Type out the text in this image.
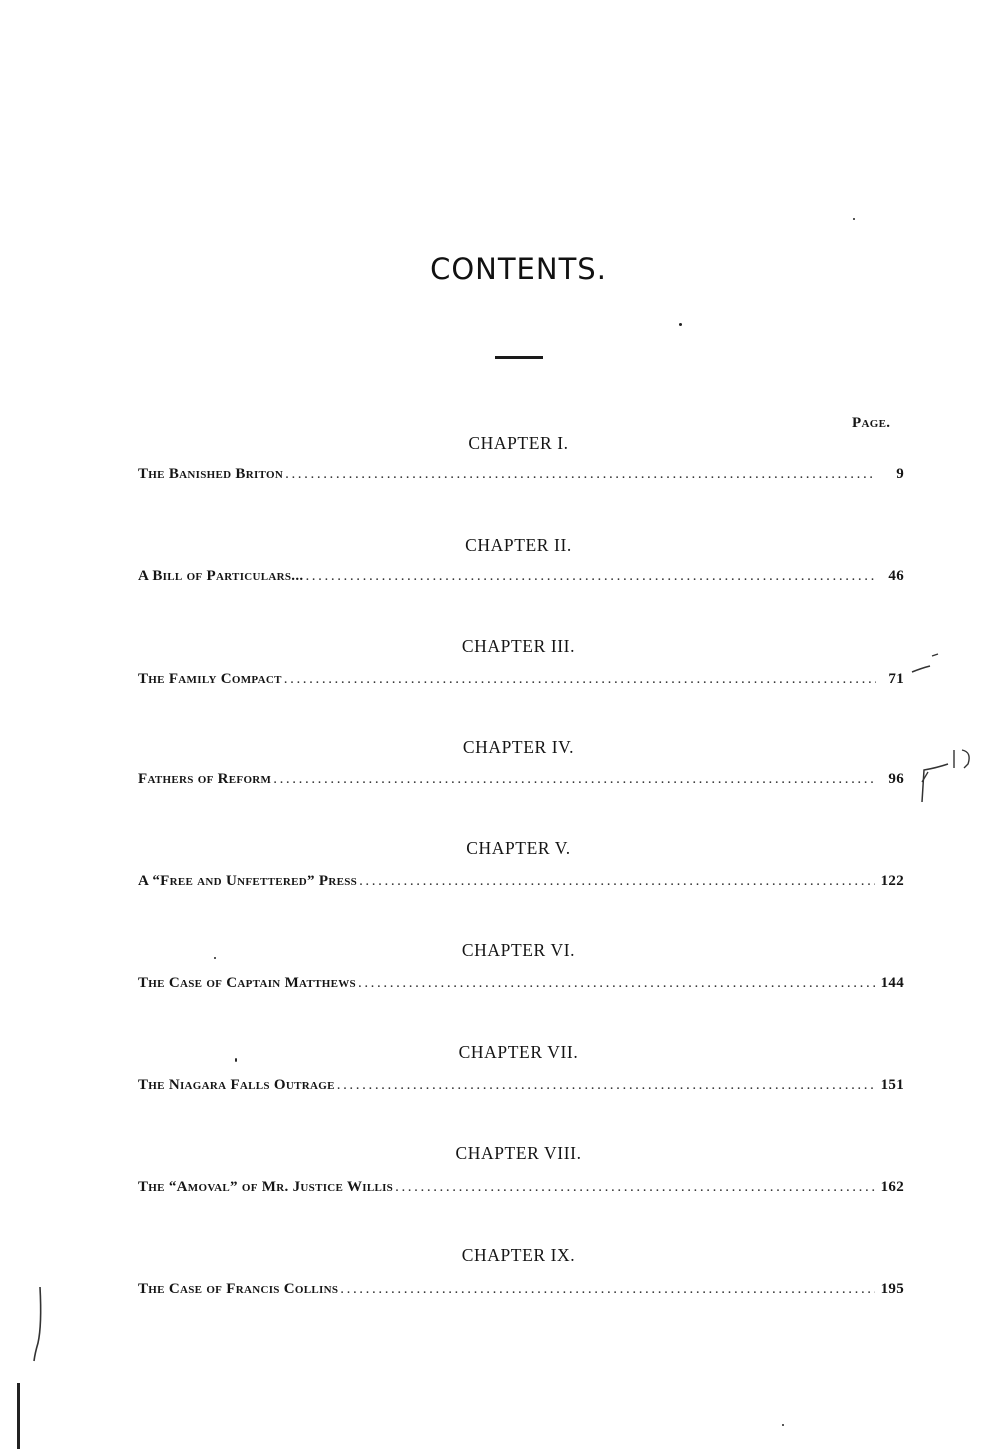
CONTENTS.
Page.
CHAPTER I.
The Banished Briton .....	9
CHAPTER II.
A Bill of Particulars... .....	46
CHAPTER III.
The Family Compact .....	71
CHAPTER IV.
Fathers of Reform .....	96
CHAPTER V.
A “Free and Unfettered” Press .....	122
CHAPTER VI.
The Case of Captain Matthews .....	144
CHAPTER VII.
The Niagara Falls Outrage .....	151
CHAPTER VIII.
The “Amoval” of Mr. Justice Willis .....	162
CHAPTER IX.
The Case of Francis Collins .....	195
